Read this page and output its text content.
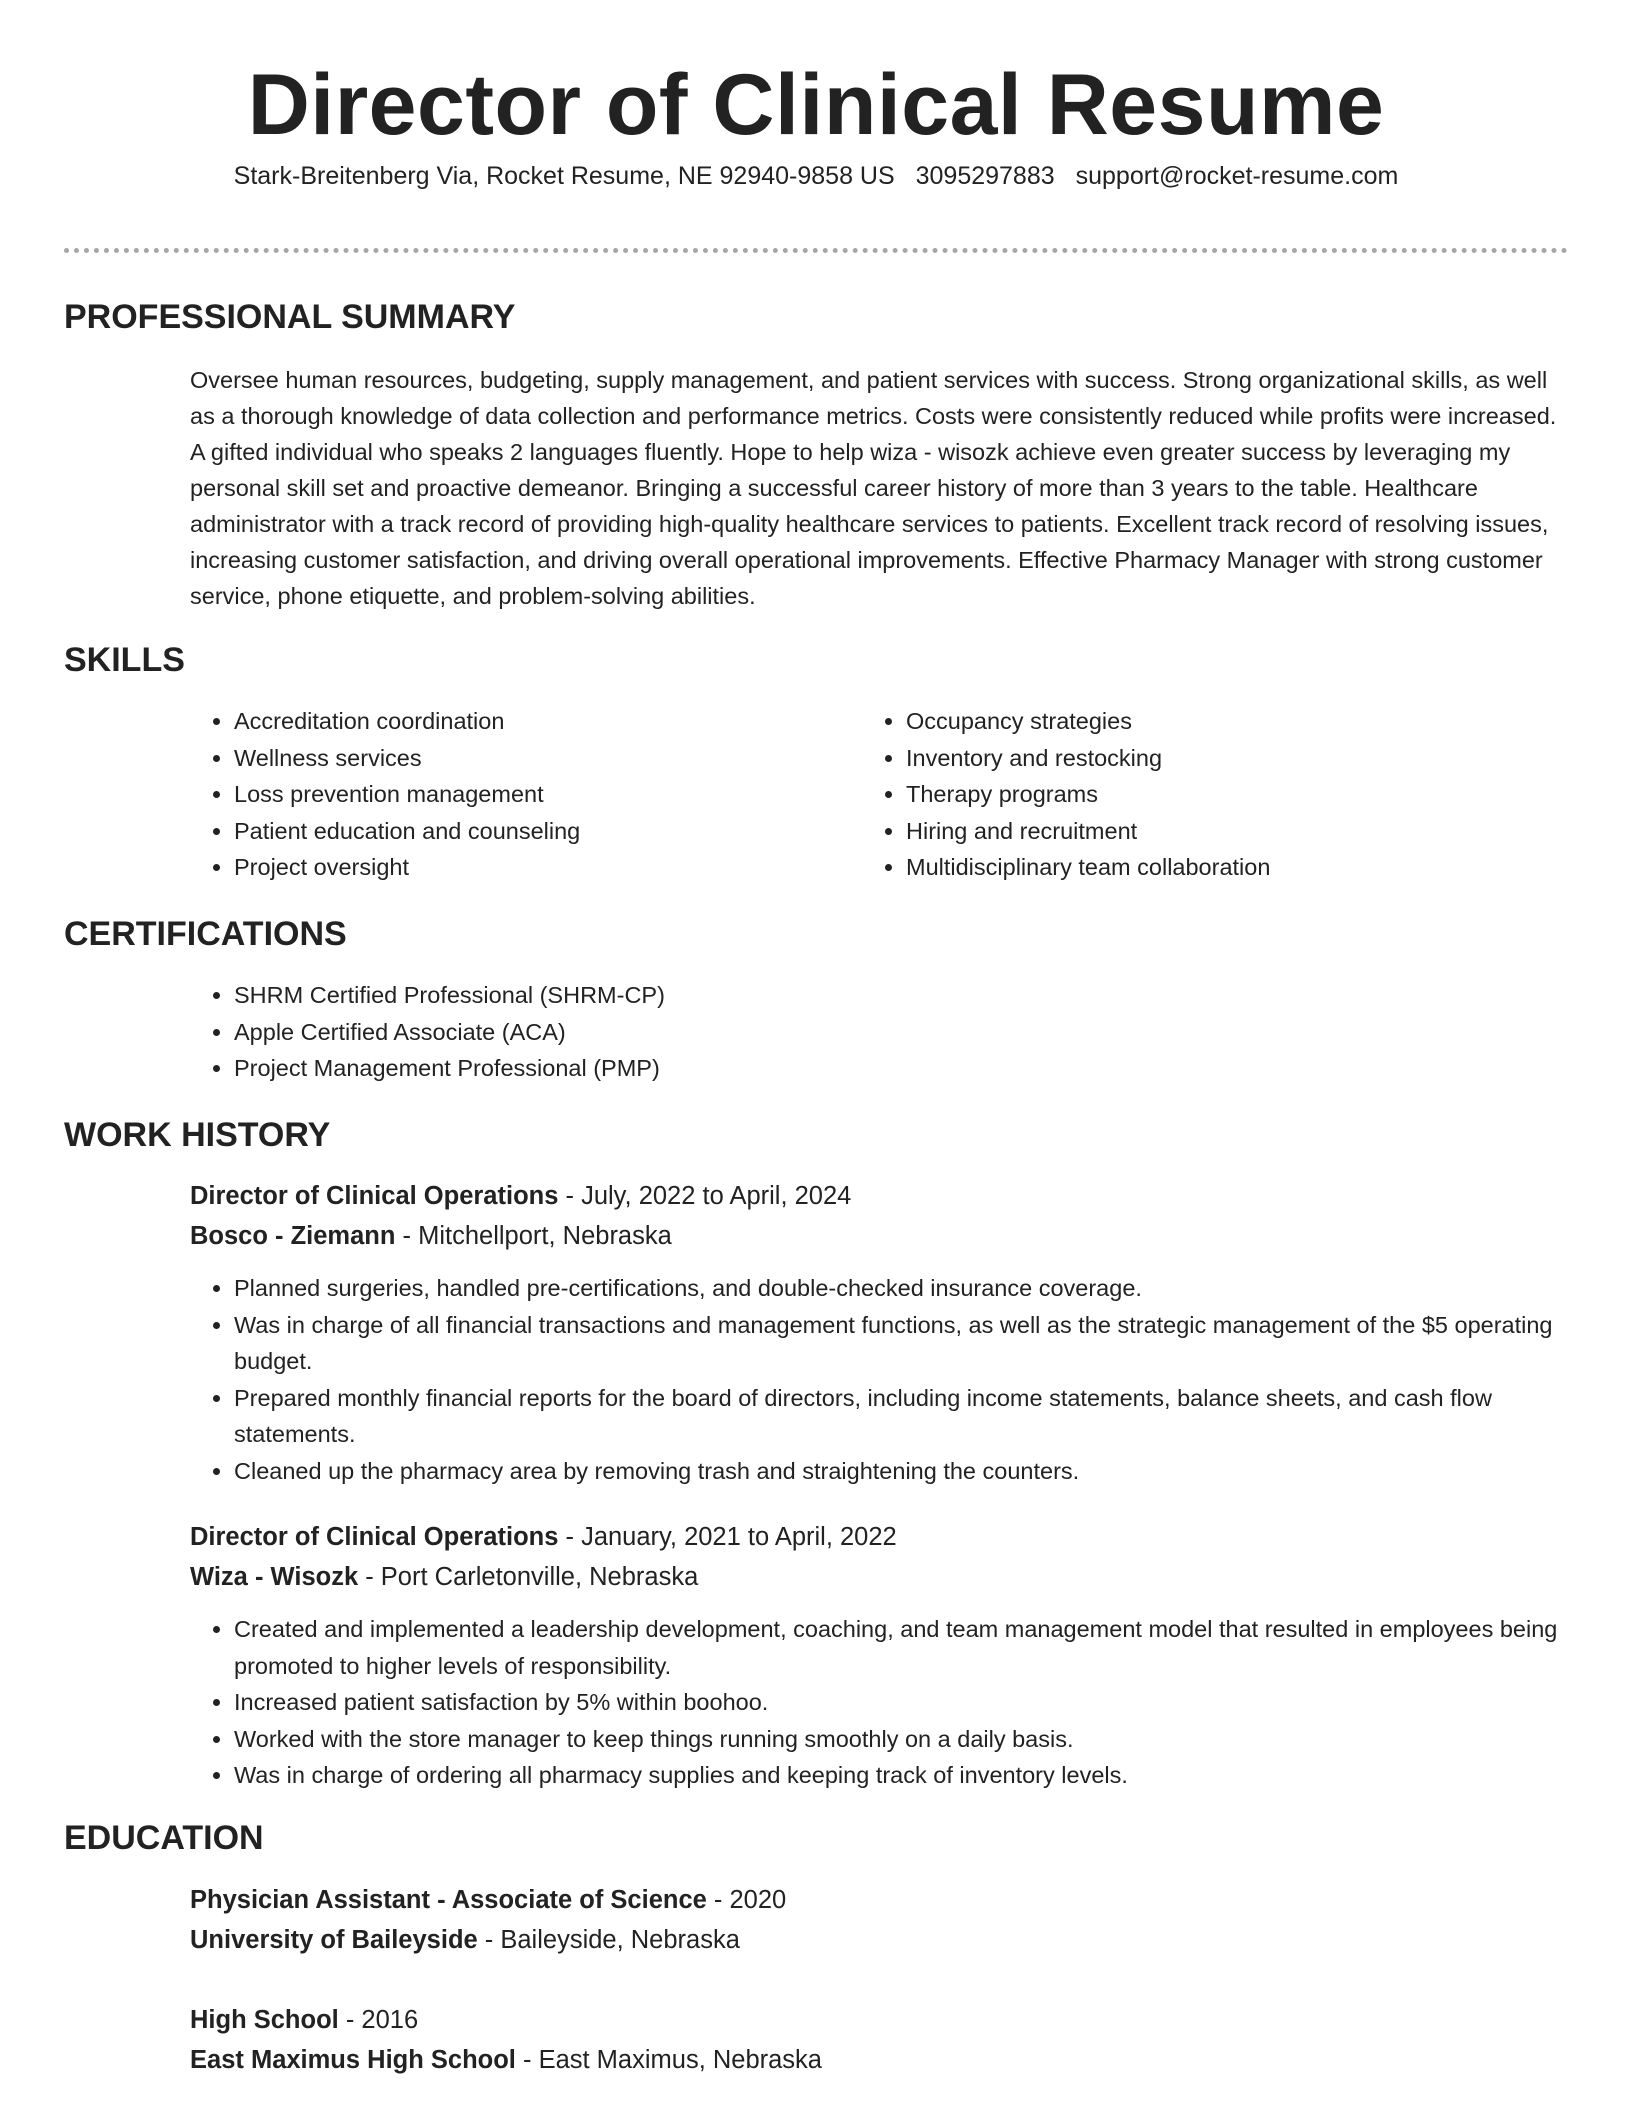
Director of Clinical Resume
Stark-Breitenberg Via, Rocket Resume, NE 92940-9858 US 3095297883 support@rocket-resume.com
PROFESSIONAL SUMMARY

Oversee human resources, budgeting, supply management, and patient services with success. Strong organizational skills, as well as a thorough knowledge of data collection and performance metrics. Costs were consistently reduced while profits were increased. A gifted individual who speaks 2 languages fluently. Hope to help wiza - wisozk achieve even greater success by leveraging my personal skill set and proactive demeanor. Bringing a successful career history of more than 3 years to the table. Healthcare administrator with a track record of providing high-quality healthcare services to patients. Excellent track record of resolving issues, increasing customer satisfaction, and driving overall operational improvements. Effective Pharmacy Manager with strong customer service, phone etiquette, and problem-solving abilities.

SKILLS
• Accreditation coordination
• Wellness services
• Loss prevention management
• Patient education and counseling
• Project oversight
• Occupancy strategies
• Inventory and restocking
• Therapy programs
• Hiring and recruitment
• Multidisciplinary team collaboration
CERTIFICATIONS
• SHRM Certified Professional (SHRM-CP)
• Apple Certified Associate (ACA)
• Project Management Professional (PMP)
WORK HISTORY

Director of Clinical Operations - July, 2022 to April, 2024

Bosco - Ziemann - Mitchellport, Nebraska

• Planned surgeries, handled pre-certifications, and double-checked insurance coverage.
• Was in charge of all financial transactions and management functions, as well as the strategic management of the $5 operating budget.
• Prepared monthly financial reports for the board of directors, including income statements, balance sheets, and cash flow statements.
• Cleaned up the pharmacy area by removing trash and straightening the counters.

Director of Clinical Operations - January, 2021 to April, 2022

Wiza - Wisozk - Port Carletonville, Nebraska

• Created and implemented a leadership development, coaching, and team management model that resulted in employees being promoted to higher levels of responsibility.
• Increased patient satisfaction by 5% within boohoo.
• Worked with the store manager to keep things running smoothly on a daily basis.
• Was in charge of ordering all pharmacy supplies and keeping track of inventory levels.
EDUCATION

Physician Assistant - Associate of Science - 2020

University of Baileyside - Baileyside, Nebraska

High School - 2016

East Maximus High School - East Maximus, Nebraska
